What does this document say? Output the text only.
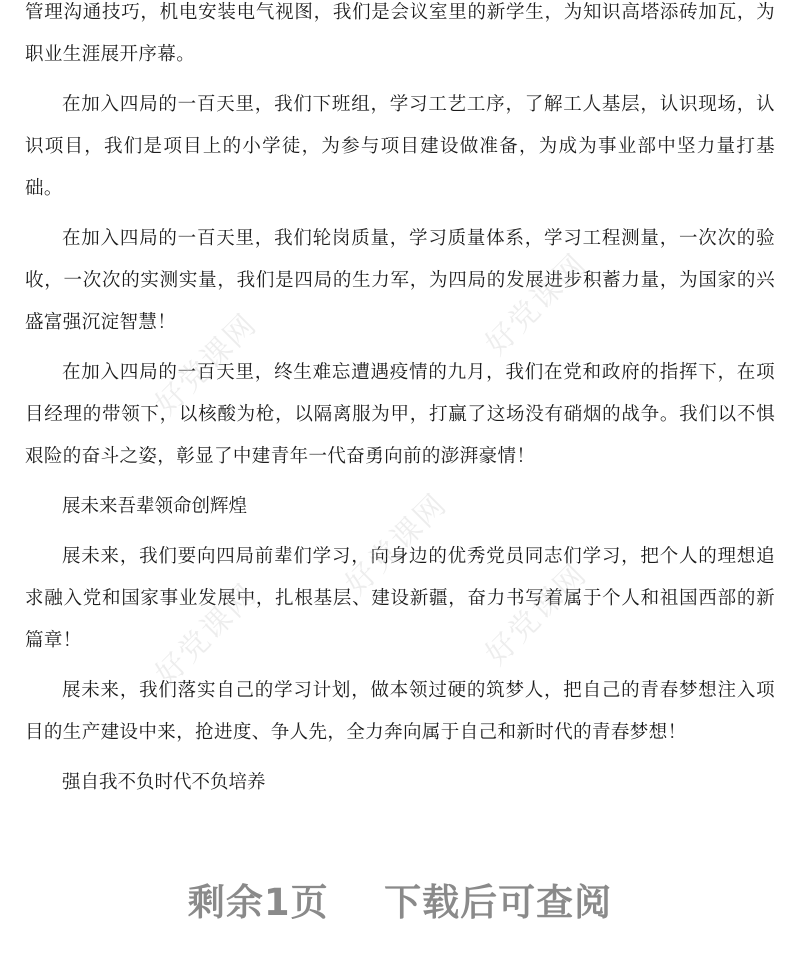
管理沟通技巧，机电安装电气视图，我们是会议室里的新学生，为知识高塔添砖加瓦，为职业生涯展开序幕。

在加入四局的一百天里，我们下班组，学习工艺工序，了解工人基层，认识现场，认识项目，我们是项目上的小学徒，为参与项目建设做准备，为成为事业部中坚力量打基础。

在加入四局的一百天里，我们轮岗质量，学习质量体系，学习工程测量，一次次的验收，一次次的实测实量，我们是四局的生力军，为四局的发展进步积蓄力量，为国家的兴盛富强沉淀智慧！

在加入四局的一百天里，终生难忘遭遇疫情的九月，我们在党和政府的指挥下，在项目经理的带领下，以核酸为枪，以隔离服为甲，打赢了这场没有硝烟的战争。我们以不惧艰险的奋斗之姿，彰显了中建青年一代奋勇向前的澎湃豪情！

展未来吾辈领命创辉煌

展未来，我们要向四局前辈们学习，向身边的优秀党员同志们学习，把个人的理想追求融入党和国家事业发展中，扎根基层、建设新疆，奋力书写着属于个人和祖国西部的新篇章！

展未来，我们落实自己的学习计划，做本领过硬的筑梦人，把自己的青春梦想注入项目的生产建设中来，抢进度、争人先，全力奔向属于自己和新时代的青春梦想！

强自我不负时代不负培养

好党课网
好党课网
好党课网
好党课网	好党课网
剩余1页    下载后可查阅
